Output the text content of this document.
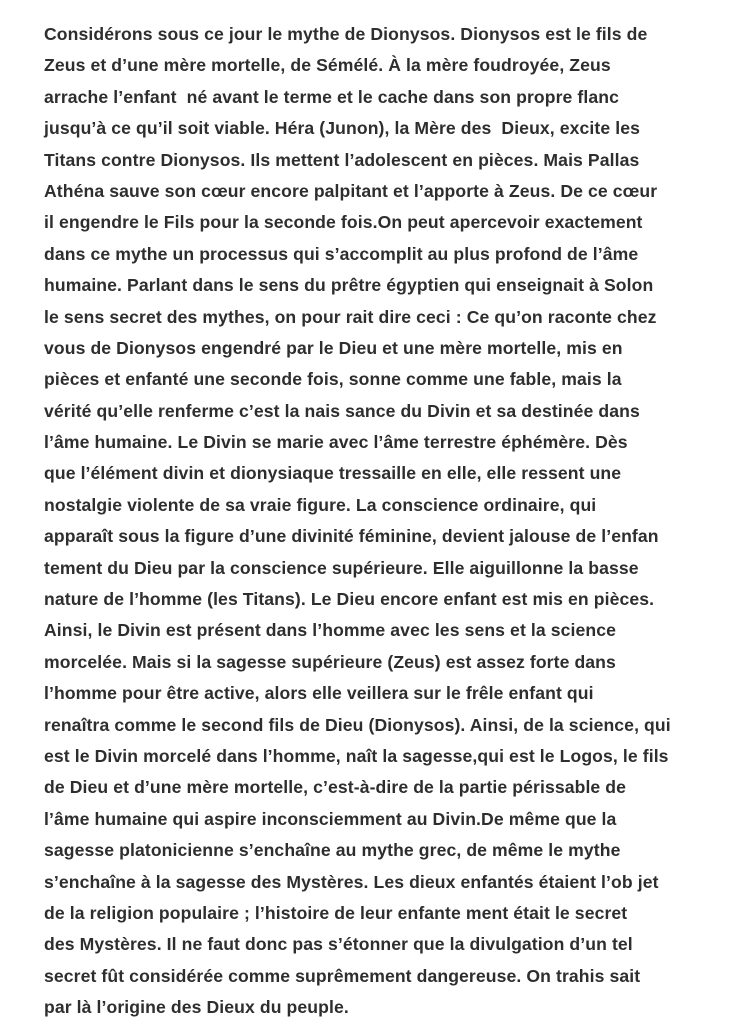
Considérons sous ce jour le mythe de Dionysos. Dionysos est le fils de
Zeus et d’une mère mortelle, de Sémélé. À la mère foudroyée, Zeus
arrache l’enfant  né avant le terme et le cache dans son propre flanc
jusqu’à ce qu’il soit viable. Héra (Junon), la Mère des  Dieux, excite les
Titans contre Dionysos. Ils mettent l’adolescent en pièces. Mais Pallas
Athéna sauve son cœur encore palpitant et l’apporte à Zeus. De ce cœur
il engendre le Fils pour la seconde fois.On peut apercevoir exactement
dans ce mythe un processus qui s’accomplit au plus profond de l’âme
humaine. Parlant dans le sens du prêtre égyptien qui enseignait à Solon
le sens secret des mythes, on pour rait dire ceci : Ce qu’on raconte chez
vous de Dionysos engendré par le Dieu et une mère mortelle, mis en
pièces et enfanté une seconde fois, sonne comme une fable, mais la
vérité qu’elle renferme c’est la nais sance du Divin et sa destinée dans
l’âme humaine. Le Divin se marie avec l’âme terrestre éphémère. Dès
que l’élément divin et dionysiaque tressaille en elle, elle ressent une
nostalgie violente de sa vraie figure. La conscience ordinaire, qui
apparaît sous la figure d’une divinité féminine, devient jalouse de l’enfan
tement du Dieu par la conscience supérieure. Elle aiguillonne la basse
nature de l’homme (les Titans). Le Dieu encore enfant est mis en pièces.
Ainsi, le Divin est présent dans l’homme avec les sens et la science
morcelée. Mais si la sagesse supérieure (Zeus) est assez forte dans
l’homme pour être active, alors elle veillera sur le frêle enfant qui
renaîtra comme le second fils de Dieu (Dionysos). Ainsi, de la science, qui
est le Divin morcelé dans l’homme, naît la sagesse,qui est le Logos, le fils
de Dieu et d’une mère mortelle, c’est-à-dire de la partie périssable de
l’âme humaine qui aspire inconsciemment au Divin.De même que la
sagesse platonicienne s’enchaîne au mythe grec, de même le mythe
s’enchaîne à la sagesse des Mystères. Les dieux enfantés étaient l’ob jet
de la religion populaire ; l’histoire de leur enfante ment était le secret
des Mystères. Il ne faut donc pas s’étonner que la divulgation d’un tel
secret fût considérée comme suprêmement dangereuse. On trahis sait
par là l’origine des Dieux du peuple.
